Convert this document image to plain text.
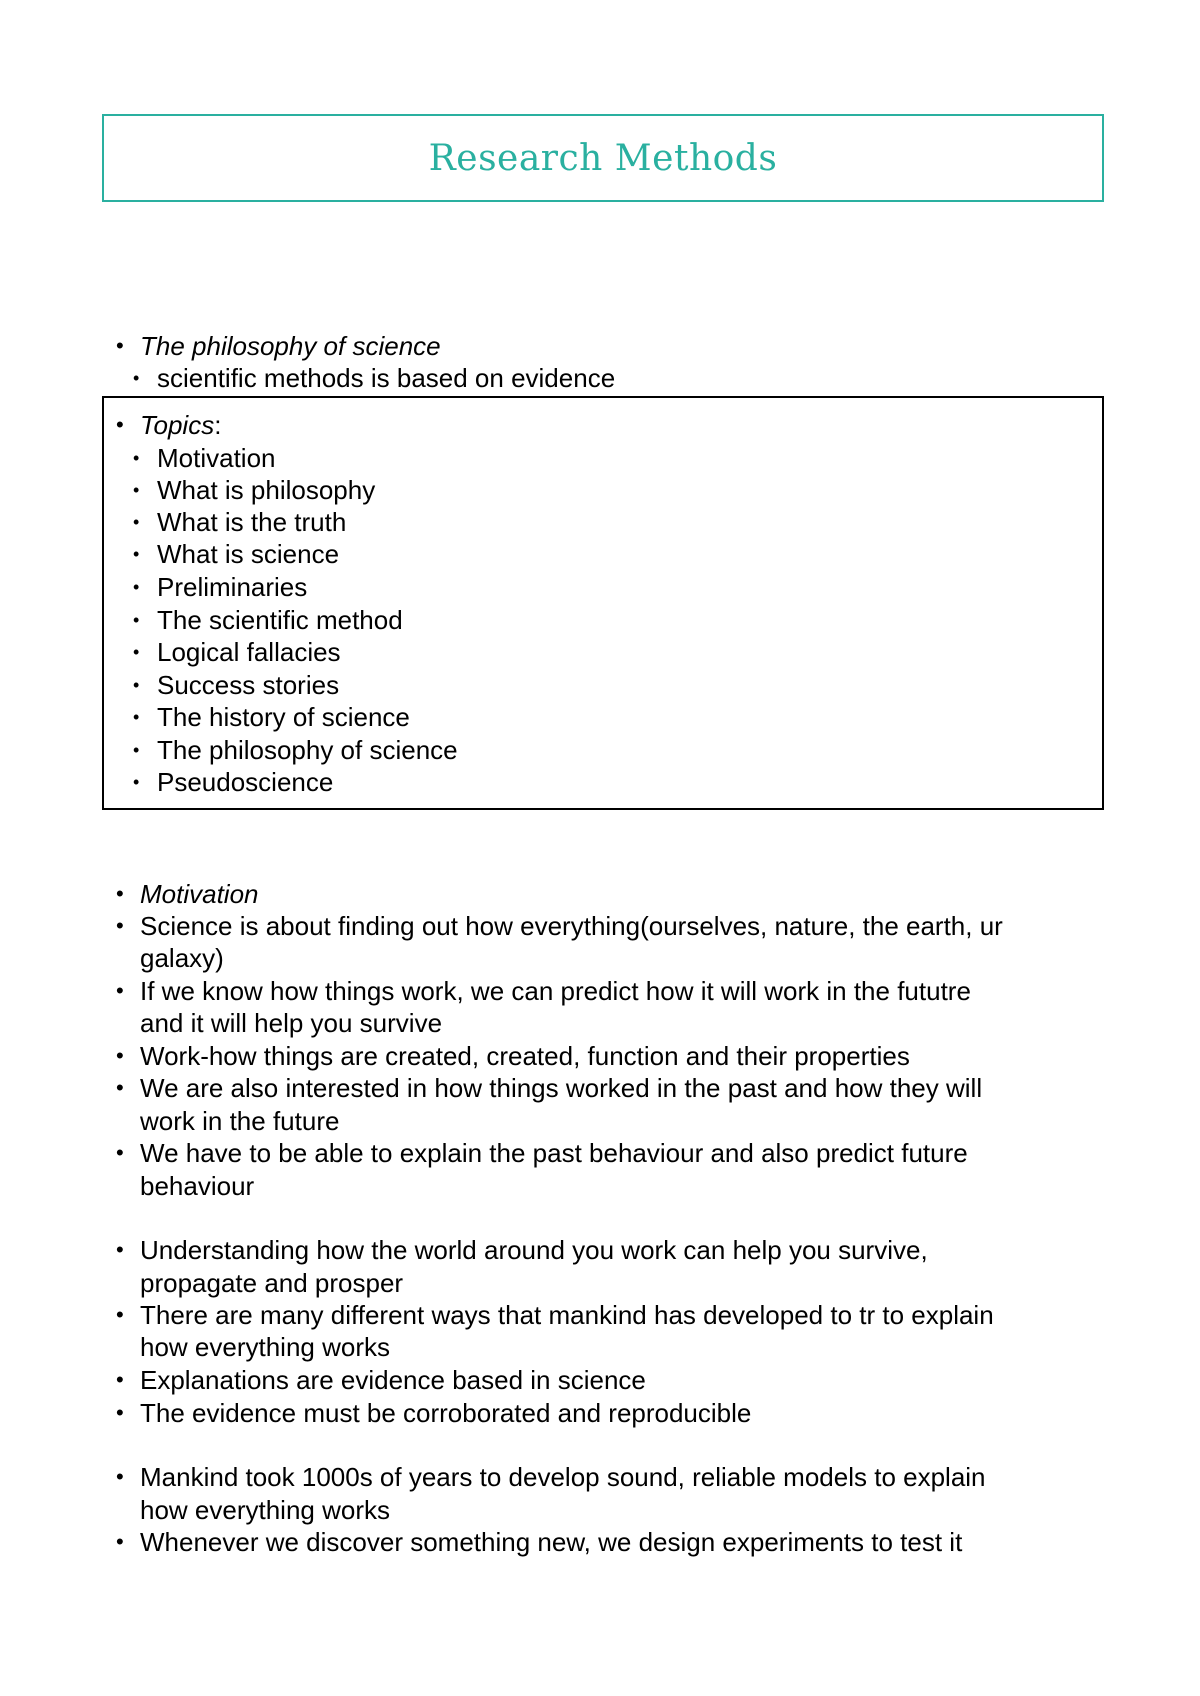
Research Methods
• The philosophy of science
• scientific methods is based on evidence
• Topics:
• Motivation
• What is philosophy
• What is the truth
• What is science
• Preliminaries
• The scientific method
• Logical fallacies
• Success stories
• The history of science
• The philosophy of science
• Pseudoscience
• Motivation
• Science is about finding out how everything(ourselves, nature, the earth, ur
galaxy)
• If we know how things work, we can predict how it will work in the fututre
and it will help you survive
• Work-how things are created, created, function and their properties
• We are also interested in how things worked in the past and how they will
work in the future
• We have to be able to explain the past behaviour and also predict future
behaviour
• Understanding how the world around you work can help you survive,
propagate and prosper
• There are many different ways that mankind has developed to tr to explain
how everything works
• Explanations are evidence based in science
• The evidence must be corroborated and reproducible
• Mankind took 1000s of years to develop sound, reliable models to explain
how everything works
• Whenever we discover something new, we design experiments to test it
